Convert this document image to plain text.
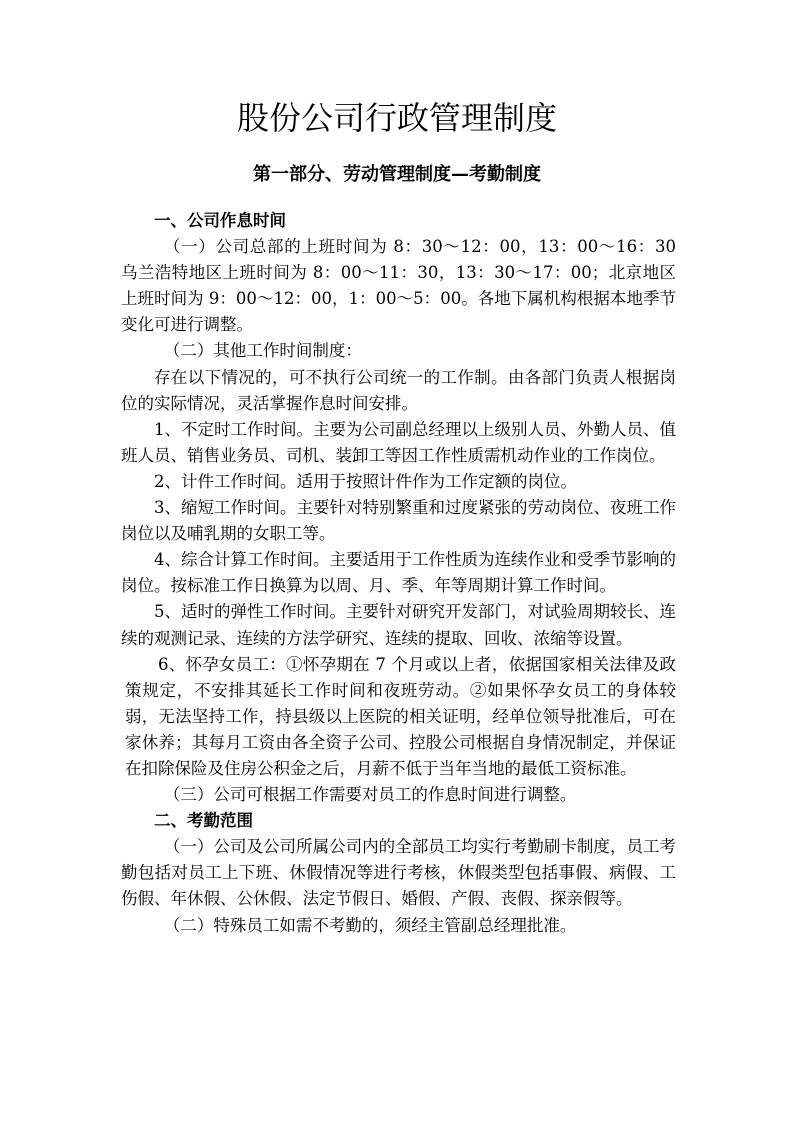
股份公司行政管理制度
第一部分、劳动管理制度—考勤制度
一、公司作息时间

（一）公司总部的上班时间为 8：30～12：00，13：00～16：30 乌兰浩特地区上班时间为 8：00～11：30，13：30～17：00；北京地区上班时间为 9：00～12：00，1：00～5：00。各地下属机构根据本地季节变化可进行调整。

（二）其他工作时间制度：

存在以下情况的，可不执行公司统一的工作制。由各部门负责人根据岗位的实际情况，灵活掌握作息时间安排。

1、不定时工作时间。主要为公司副总经理以上级别人员、外勤人员、值班人员、销售业务员、司机、装卸工等因工作性质需机动作业的工作岗位。

2、计件工作时间。适用于按照计件作为工作定额的岗位。

3、缩短工作时间。主要针对特别繁重和过度紧张的劳动岗位、夜班工作岗位以及哺乳期的女职工等。

4、综合计算工作时间。主要适用于工作性质为连续作业和受季节影响的岗位。按标准工作日换算为以周、月、季、年等周期计算工作时间。

5、适时的弹性工作时间。主要针对研究开发部门，对试验周期较长、连续的观测记录、连续的方法学研究、连续的提取、回收、浓缩等设置。

6、怀孕女员工：①怀孕期在 7 个月或以上者，依据国家相关法律及政策规定，不安排其延长工作时间和夜班劳动。②如果怀孕女员工的身体较弱，无法坚持工作，持县级以上医院的相关证明，经单位领导批准后，可在家休养；其每月工资由各全资子公司、控股公司根据自身情况制定，并保证在扣除保险及住房公积金之后，月薪不低于当年当地的最低工资标准。

（三）公司可根据工作需要对员工的作息时间进行调整。

二、考勤范围

（一）公司及公司所属公司内的全部员工均实行考勤刷卡制度，员工考勤包括对员工上下班、休假情况等进行考核，休假类型包括事假、病假、工伤假、年休假、公休假、法定节假日、婚假、产假、丧假、探亲假等。

（二）特殊员工如需不考勤的，须经主管副总经理批准。
